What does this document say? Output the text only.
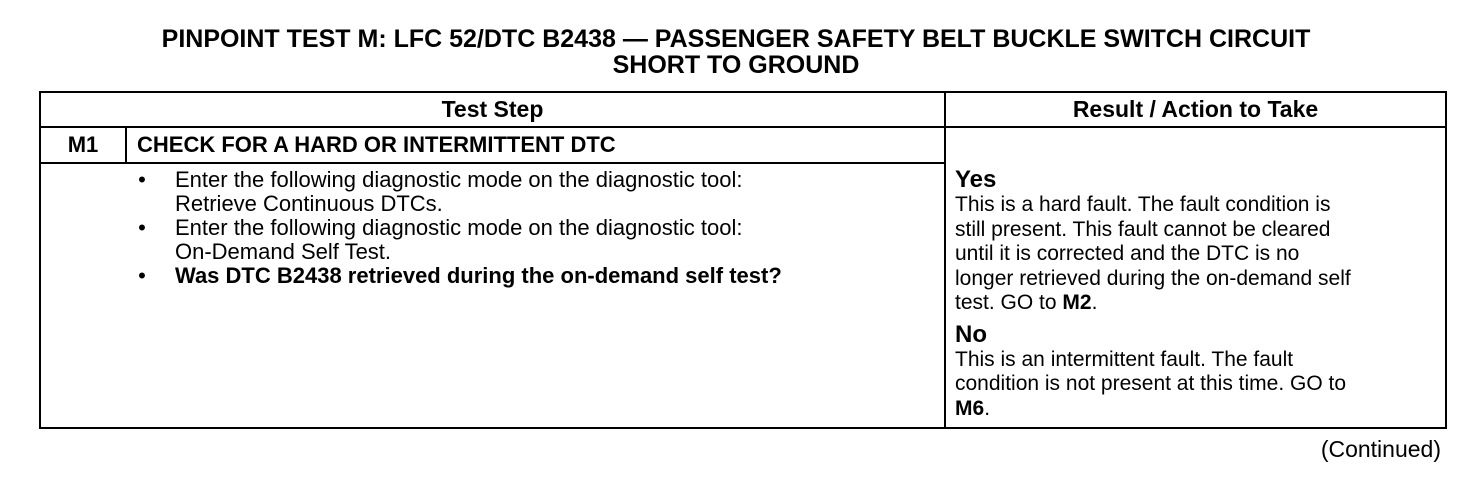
PINPOINT TEST M: LFC 52/DTC B2438 — PASSENGER SAFETY BELT BUCKLE SWITCH CIRCUIT
SHORT TO GROUND
Test Step	Result / Action to Take
M1	CHECK FOR A HARD OR INTERMITTENT DTC
• Enter the following diagnostic mode on the diagnostic tool:
Retrieve Continuous DTCs.
• Enter the following diagnostic mode on the diagnostic tool:
On-Demand Self Test.
• Was DTC B2438 retrieved during the on-demand self test?
Yes
This is a hard fault. The fault condition is
still present. This fault cannot be cleared
until it is corrected and the DTC is no
longer retrieved during the on-demand self
test. GO to M2.
No
This is an intermittent fault. The fault
condition is not present at this time. GO to
M6.
(Continued)
